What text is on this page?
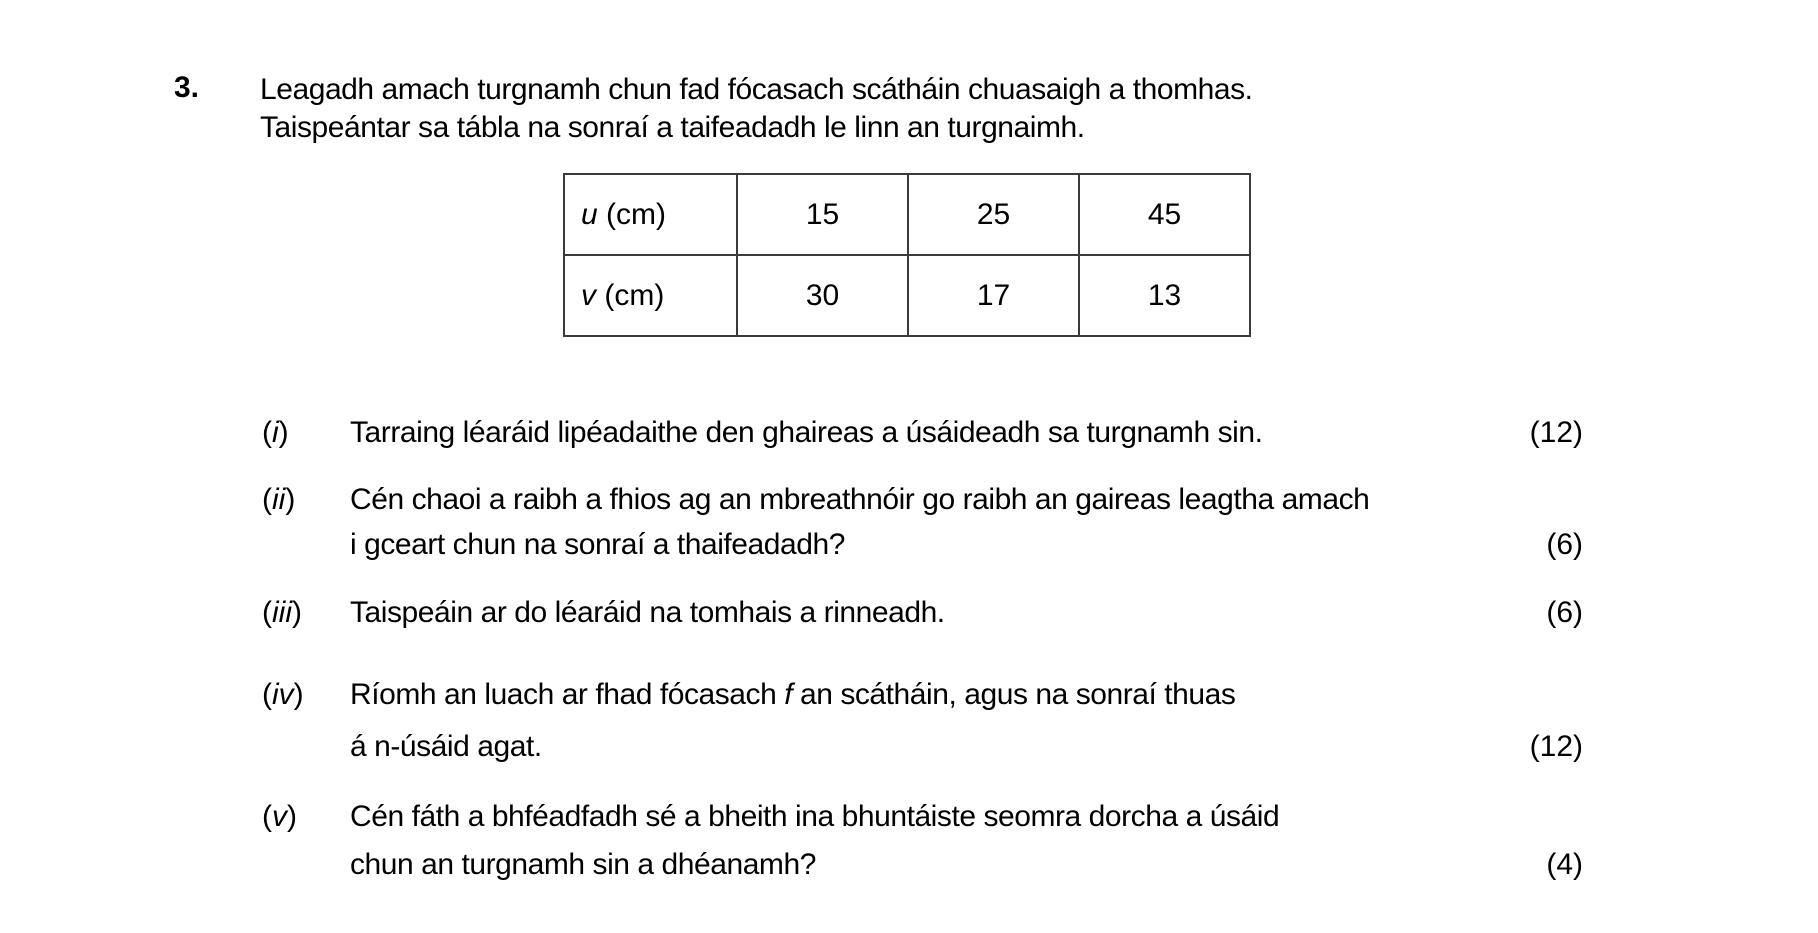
3. Leagadh amach turgnamh chun fad fócasach scátháin chuasaigh a thomhas.
Taispeántar sa tábla na sonraí a taifeadadh le linn an turgnaimh.
u (cm)	15	25	45
v (cm)	30	17	13
(i) Tarraing léaráid lipéadaithe den ghaireas a úsáideadh sa turgnamh sin.	(12)
(ii) Cén chaoi a raibh a fhios ag an mbreathnóir go raibh an gaireas leagtha amach
i gceart chun na sonraí a thaifeadadh?	(6)
(iii) Taispeáin ar do léaráid na tomhais a rinneadh.	(6)
(iv) Ríomh an luach ar fhad fócasach f an scátháin, agus na sonraí thuas
á n-úsáid agat.	(12)
(v) Cén fáth a bhféadfadh sé a bheith ina bhuntáiste seomra dorcha a úsáid
chun an turgnamh sin a dhéanamh?	(4)
